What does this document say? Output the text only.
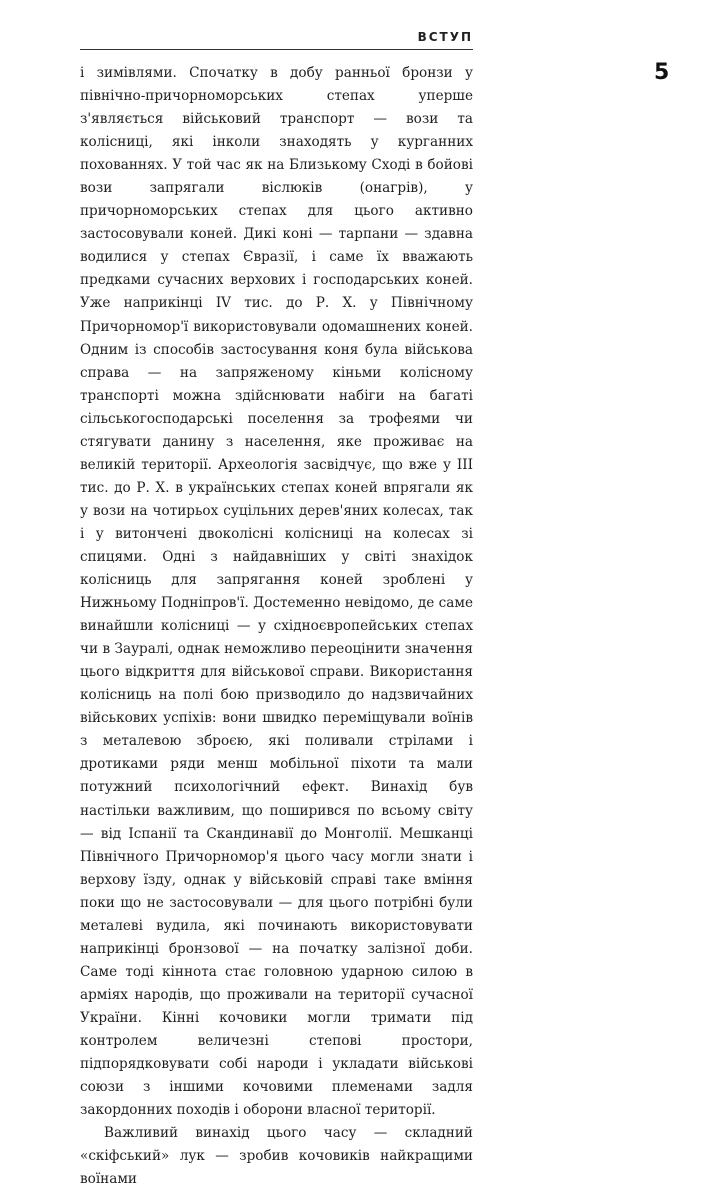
ВСТУП
5

і зимівлями. Спочатку в добу ранньої бронзи у північно-причорноморських степах уперше з'являється військовий транспорт — вози та колісниці, які інколи знаходять у курганних похованнях. У той час як на Близькому Сході в бойові вози запрягали віслюків (онагрів), у причорноморських степах для цього активно застосовували коней. Дикі коні — тарпани — здавна водилися у степах Євразії, і саме їх вважають предками сучасних верхових і господарських коней. Уже наприкінці IV тис. до Р. Х. у Північному Причорномор'ї використовували одомашнених коней. Одним із способів застосування коня була військова справа — на запряженому кіньми колісному транспорті можна здійснювати набіги на багаті сільськогосподарські поселення за трофеями чи стягувати данину з населення, яке проживає на великій території. Археологія засвідчує, що вже у III тис. до Р. Х. в українських степах коней впрягали як у вози на чотирьох суцільних дерев'яних колесах, так і у витончені двоколісні колісниці на колесах зі спицями. Одні з найдавніших у світі знахідок колісниць для запрягання коней зроблені у Нижньому Подніпров'ї. Достеменно невідомо, де саме винайшли колісниці — у східноєвропейських степах чи в Зауралі, однак неможливо переоцінити значення цього відкриття для військової справи. Використання колісниць на полі бою призводило до надзвичайних військових успіхів: вони швидко переміщували воїнів з металевою зброєю, які поливали стрілами і дротиками ряди менш мобільної піхоти та мали потужний психологічний ефект. Винахід був настільки важливим, що поширився по всьому світу — від Іспанії та Скандинавії до Монголії. Мешканці Північного Причорномор'я цього часу могли знати і верхову їзду, однак у військовій справі таке вміння поки що не застосовували — для цього потрібні були металеві вудила, які починають використовувати наприкінці бронзової — на початку залізної доби. Саме тоді кіннота стає головною ударною силою в арміях народів, що проживали на території сучасної України. Кінні кочовики могли тримати під контролем величезні степові простори, підпорядковувати собі народи і укладати військові союзи з іншими кочовими племенами задля закордонних походів і оборони власної території.

Важливий винахід цього часу — складний «скіфський» лук — зробив кочовиків найкращими воїнами
